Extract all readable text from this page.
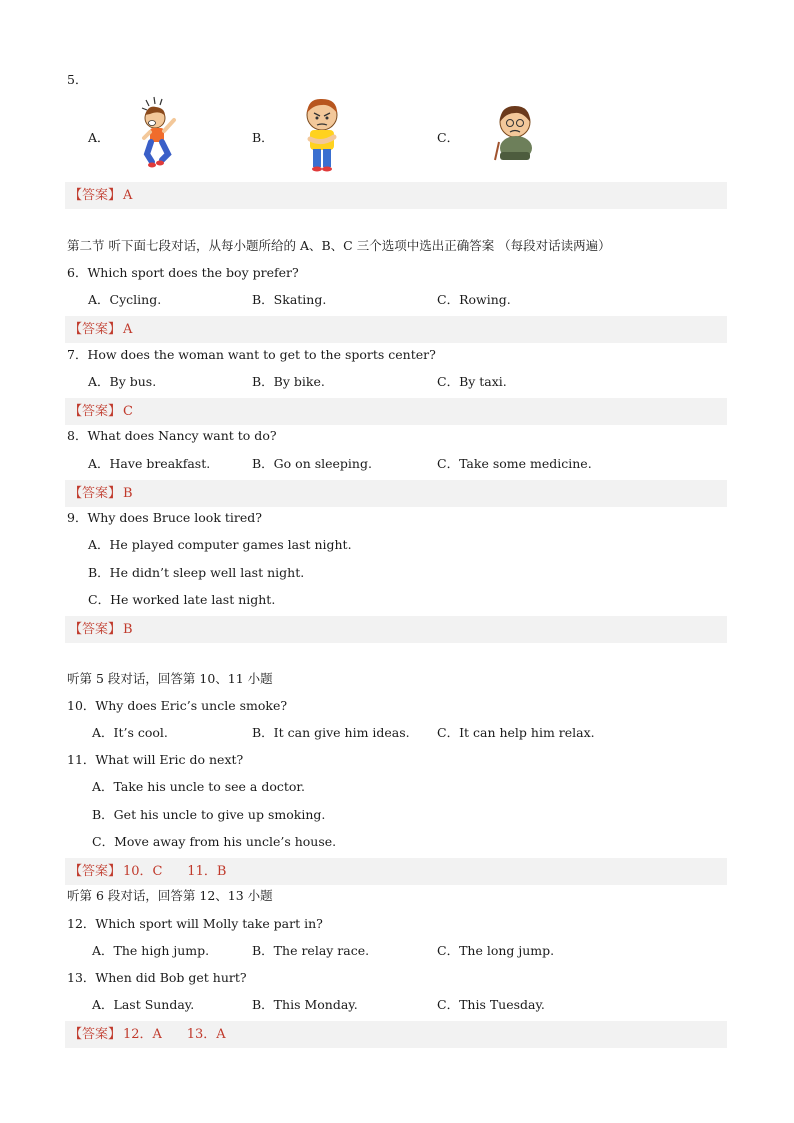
5．
A．	B．	C．
【答案】 A
第二节 听下面七段对话，从每小题所给的 A、B、C 三个选项中选出正确答案 （每段对话读两遍）
6．Which sport does the boy prefer?
A．Cycling.	B．Skating.	C．Rowing.
【答案】 A
7．How does the woman want to get to the sports center?
A．By bus.	B．By bike.	C．By taxi.
【答案】 C
8．What does Nancy want to do?
A．Have breakfast.	B．Go on sleeping.	C．Take some medicine.
【答案】 B
9．Why does Bruce look tired?
A．He played computer games last night.
B．He didn’t sleep well last night.
C．He worked late last night.
【答案】 B
听第 5 段对话，回答第 10、11 小题
10．Why does Eric’s uncle smoke?
A．It’s cool.	B．It can give him ideas. C．It can help him relax.
11．What will Eric do next?
A．Take his uncle to see a doctor.
B．Get his uncle to give up smoking.
C．Move away from his uncle’s house.
【答案】 10．C      11．B
听第 6 段对话，回答第 12、13 小题
12．Which sport will Molly take part in?
A．The high jump.	B．The relay race.	C．The long jump.
13．When did Bob get hurt?
A．Last Sunday.	B．This Monday.	C．This Tuesday.
【答案】 12．A      13．A
